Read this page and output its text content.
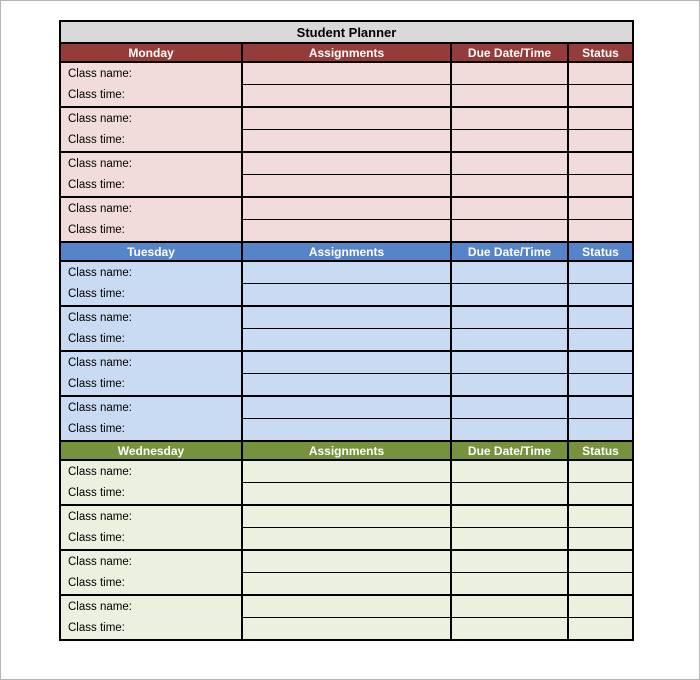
Student Planner
Monday	Assignments	Due Date/Time	Status
Class name:
Class time:
Class name:
Class time:
Class name:
Class time:
Class name:
Class time:
Tuesday	Assignments	Due Date/Time	Status
Class name:
Class time:
Class name:
Class time:
Class name:
Class time:
Class name:
Class time:
Wednesday	Assignments	Due Date/Time	Status
Class name:
Class time:
Class name:
Class time:
Class name:
Class time:
Class name:
Class time:
